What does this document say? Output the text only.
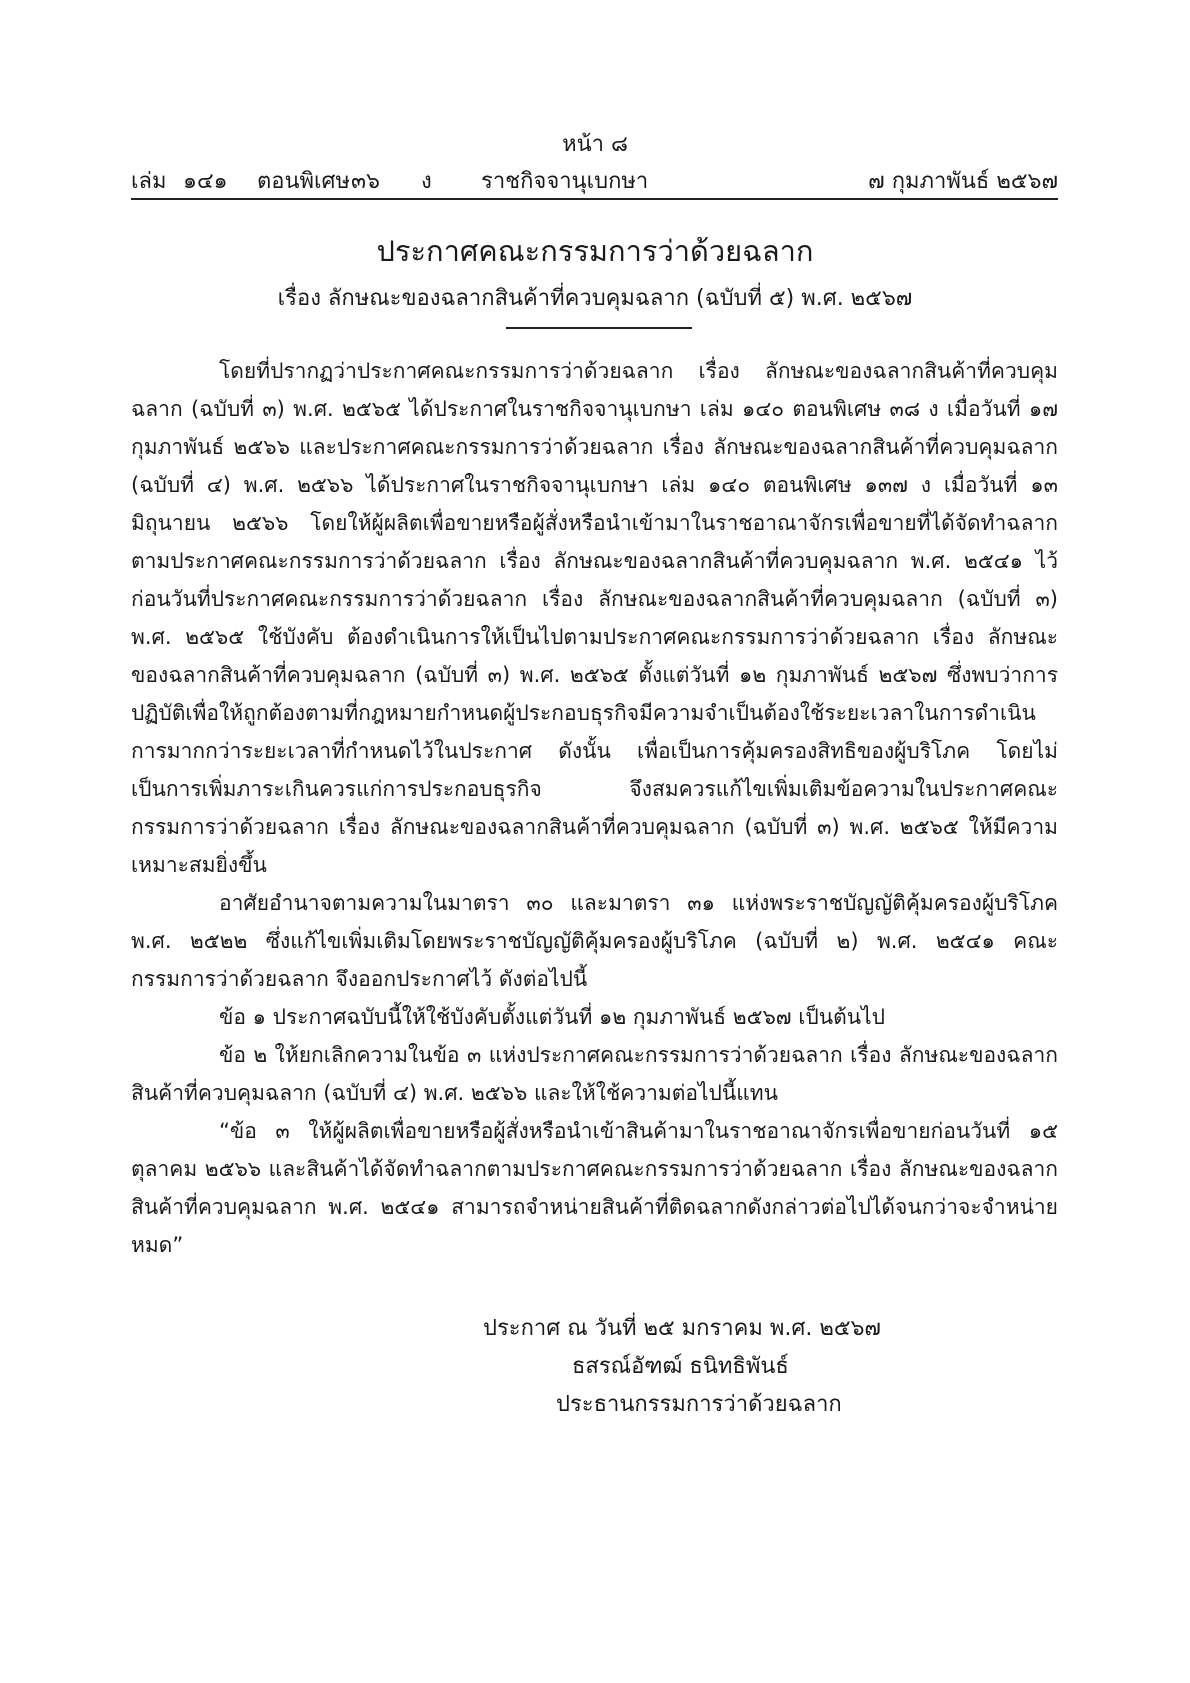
หน้า ๘
เล่ม ๑๔๑ ตอนพิเศษ ๓๖ ง ราชกิจจานุเบกษา	๗ กุมภาพันธ์ ๒๕๖๗
ประกาศคณะกรรมการว่าด้วยฉลาก
เรื่อง ลักษณะของฉลากสินค้าที่ควบคุมฉลาก (ฉบับที่ ๕) พ.ศ. ๒๕๖๗

โดยที่ปรากฏว่าประกาศคณะกรรมการว่าด้วยฉลาก เรื่อง ลักษณะของฉลากสินค้าที่ควบคุมฉลาก (ฉบับที่ ๓) พ.ศ. ๒๕๖๕ ได้ประกาศในราชกิจจานุเบกษา เล่ม ๑๔๐ ตอนพิเศษ ๓๘ ง เมื่อวันที่ ๑๗ กุมภาพันธ์ ๒๕๖๖ และประกาศคณะกรรมการว่าด้วยฉลาก เรื่อง ลักษณะของฉลากสินค้าที่ควบคุมฉลาก (ฉบับที่ ๔) พ.ศ. ๒๕๖๖ ได้ประกาศในราชกิจจานุเบกษา เล่ม ๑๔๐ ตอนพิเศษ ๑๓๗ ง เมื่อวันที่ ๑๓ มิถุนายน ๒๕๖๖ โดยให้ผู้ผลิตเพื่อขายหรือผู้สั่งหรือนำเข้ามาในราชอาณาจักรเพื่อขายที่ได้จัดทำฉลากตามประกาศคณะกรรมการว่าด้วยฉลาก เรื่อง ลักษณะของฉลากสินค้าที่ควบคุมฉลาก พ.ศ. ๒๕๔๑ ไว้ก่อนวันที่ประกาศคณะกรรมการว่าด้วยฉลาก เรื่อง ลักษณะของฉลากสินค้าที่ควบคุมฉลาก (ฉบับที่ ๓) พ.ศ. ๒๕๖๕ ใช้บังคับ ต้องดำเนินการให้เป็นไปตามประกาศคณะกรรมการว่าด้วยฉลาก เรื่อง ลักษณะของฉลากสินค้าที่ควบคุมฉลาก (ฉบับที่ ๓) พ.ศ. ๒๕๖๕ ตั้งแต่วันที่ ๑๒ กุมภาพันธ์ ๒๕๖๗ ซึ่งพบว่าการปฏิบัติเพื่อให้ถูกต้องตามที่กฎหมายกำหนดผู้ประกอบธุรกิจมีความจำเป็นต้องใช้ระยะเวลาในการดำเนินการมากกว่าระยะเวลาที่กำหนดไว้ในประกาศ ดังนั้น เพื่อเป็นการคุ้มครองสิทธิของผู้บริโภค โดยไม่เป็นการเพิ่มภาระเกินควรแก่การประกอบธุรกิจ จึงสมควรแก้ไขเพิ่มเติมข้อความในประกาศคณะกรรมการว่าด้วยฉลาก เรื่อง ลักษณะของฉลากสินค้าที่ควบคุมฉลาก (ฉบับที่ ๓) พ.ศ. ๒๕๖๕ ให้มีความเหมาะสมยิ่งขึ้น

อาศัยอำนาจตามความในมาตรา ๓๐ และมาตรา ๓๑ แห่งพระราชบัญญัติคุ้มครองผู้บริโภค พ.ศ. ๒๕๒๒ ซึ่งแก้ไขเพิ่มเติมโดยพระราชบัญญัติคุ้มครองผู้บริโภค (ฉบับที่ ๒) พ.ศ. ๒๕๔๑ คณะกรรมการว่าด้วยฉลาก จึงออกประกาศไว้ ดังต่อไปนี้

ข้อ ๑ ประกาศฉบับนี้ให้ใช้บังคับตั้งแต่วันที่ ๑๒ กุมภาพันธ์ ๒๕๖๗ เป็นต้นไป

ข้อ ๒ ให้ยกเลิกความในข้อ ๓ แห่งประกาศคณะกรรมการว่าด้วยฉลาก เรื่อง ลักษณะของฉลากสินค้าที่ควบคุมฉลาก (ฉบับที่ ๔) พ.ศ. ๒๕๖๖ และให้ใช้ความต่อไปนี้แทน

“ข้อ ๓ ให้ผู้ผลิตเพื่อขายหรือผู้สั่งหรือนำเข้าสินค้ามาในราชอาณาจักรเพื่อขายก่อนวันที่ ๑๕ ตุลาคม ๒๕๖๖ และสินค้าได้จัดทำฉลากตามประกาศคณะกรรมการว่าด้วยฉลาก เรื่อง ลักษณะของฉลากสินค้าที่ควบคุมฉลาก พ.ศ. ๒๕๔๑ สามารถจำหน่ายสินค้าที่ติดฉลากดังกล่าวต่อไปได้จนกว่าจะจำหน่ายหมด”

ประกาศ ณ วันที่ ๒๕ มกราคม พ.ศ. ๒๕๖๗
ธสรณ์อัฑฒ์ ธนิทธิพันธ์
ประธานกรรมการว่าด้วยฉลาก
